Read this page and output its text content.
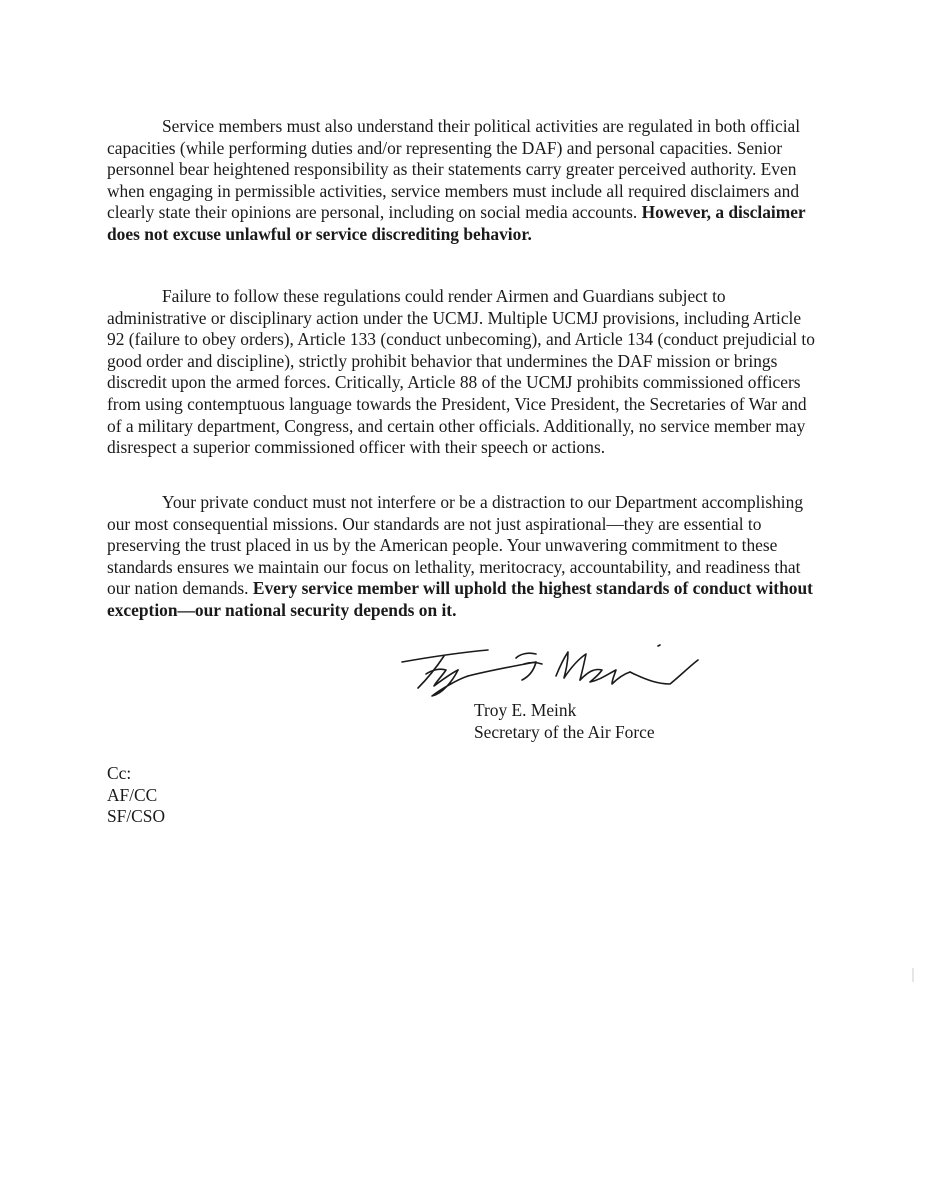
Service members must also understand their political activities are regulated in both official capacities (while performing duties and/or representing the DAF) and personal capacities. Senior personnel bear heightened responsibility as their statements carry greater perceived authority. Even when engaging in permissible activities, service members must include all required disclaimers and clearly state their opinions are personal, including on social media accounts. However, a disclaimer does not excuse unlawful or service discrediting behavior.

Failure to follow these regulations could render Airmen and Guardians subject to administrative or disciplinary action under the UCMJ. Multiple UCMJ provisions, including Article 92 (failure to obey orders), Article 133 (conduct unbecoming), and Article 134 (conduct prejudicial to good order and discipline), strictly prohibit behavior that undermines the DAF mission or brings discredit upon the armed forces. Critically, Article 88 of the UCMJ prohibits commissioned officers from using contemptuous language towards the President, Vice President, the Secretaries of War and of a military department, Congress, and certain other officials. Additionally, no service member may disrespect a superior commissioned officer with their speech or actions.

Your private conduct must not interfere or be a distraction to our Department accomplishing our most consequential missions. Our standards are not just aspirational—they are essential to preserving the trust placed in us by the American people. Your unwavering commitment to these standards ensures we maintain our focus on lethality, meritocracy, accountability, and readiness that our nation demands. Every service member will uphold the highest standards of conduct without exception—our national security depends on it.

Troy E. Meink
Secretary of the Air Force
Cc:
AF/CC
SF/CSO
